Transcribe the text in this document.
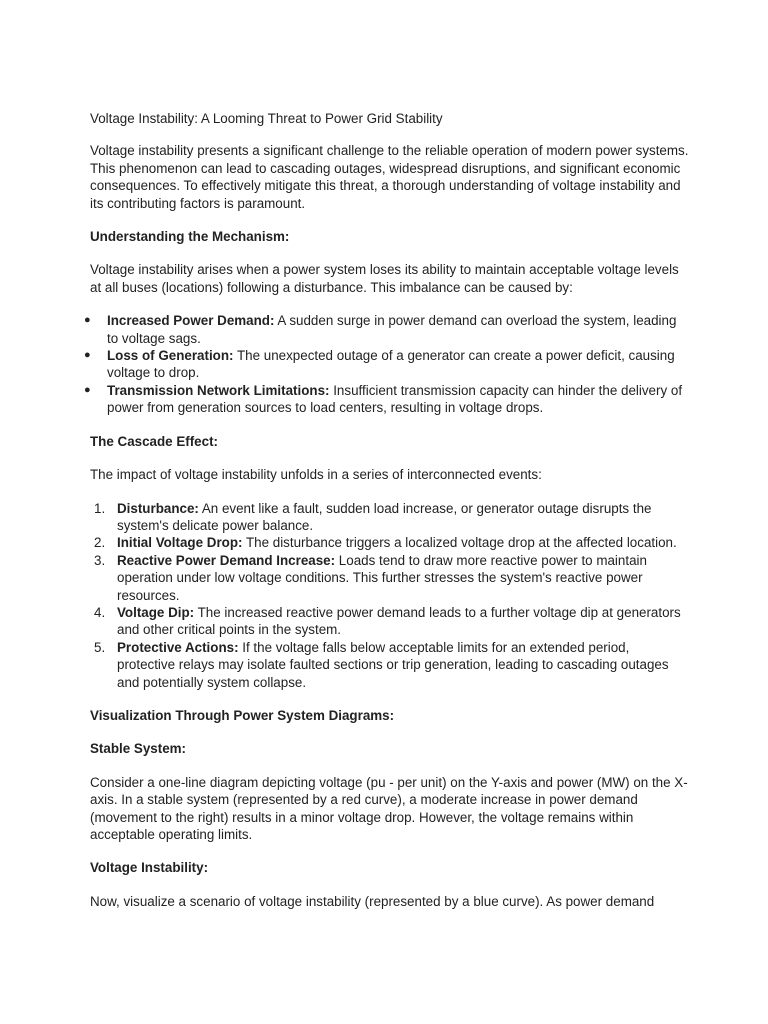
Voltage Instability: A Looming Threat to Power Grid Stability

Voltage instability presents a significant challenge to the reliable operation of modern power systems. This phenomenon can lead to cascading outages, widespread disruptions, and significant economic consequences. To effectively mitigate this threat, a thorough understanding of voltage instability and its contributing factors is paramount.

Understanding the Mechanism:

Voltage instability arises when a power system loses its ability to maintain acceptable voltage levels at all buses (locations) following a disturbance. This imbalance can be caused by:

● Increased Power Demand: A sudden surge in power demand can overload the system, leading to voltage sags.
● Loss of Generation: The unexpected outage of a generator can create a power deficit, causing voltage to drop.
● Transmission Network Limitations: Insufficient transmission capacity can hinder the delivery of power from generation sources to load centers, resulting in voltage drops.

The Cascade Effect:

The impact of voltage instability unfolds in a series of interconnected events:

1. Disturbance: An event like a fault, sudden load increase, or generator outage disrupts the system's delicate power balance.
2. Initial Voltage Drop: The disturbance triggers a localized voltage drop at the affected location.
3. Reactive Power Demand Increase: Loads tend to draw more reactive power to maintain operation under low voltage conditions. This further stresses the system's reactive power resources.
4. Voltage Dip: The increased reactive power demand leads to a further voltage dip at generators and other critical points in the system.
5. Protective Actions: If the voltage falls below acceptable limits for an extended period, protective relays may isolate faulted sections or trip generation, leading to cascading outages and potentially system collapse.

Visualization Through Power System Diagrams:

Stable System:

Consider a one-line diagram depicting voltage (pu - per unit) on the Y-axis and power (MW) on the X-axis. In a stable system (represented by a red curve), a moderate increase in power demand (movement to the right) results in a minor voltage drop. However, the voltage remains within acceptable operating limits.

Voltage Instability:

Now, visualize a scenario of voltage instability (represented by a blue curve). As power demand
